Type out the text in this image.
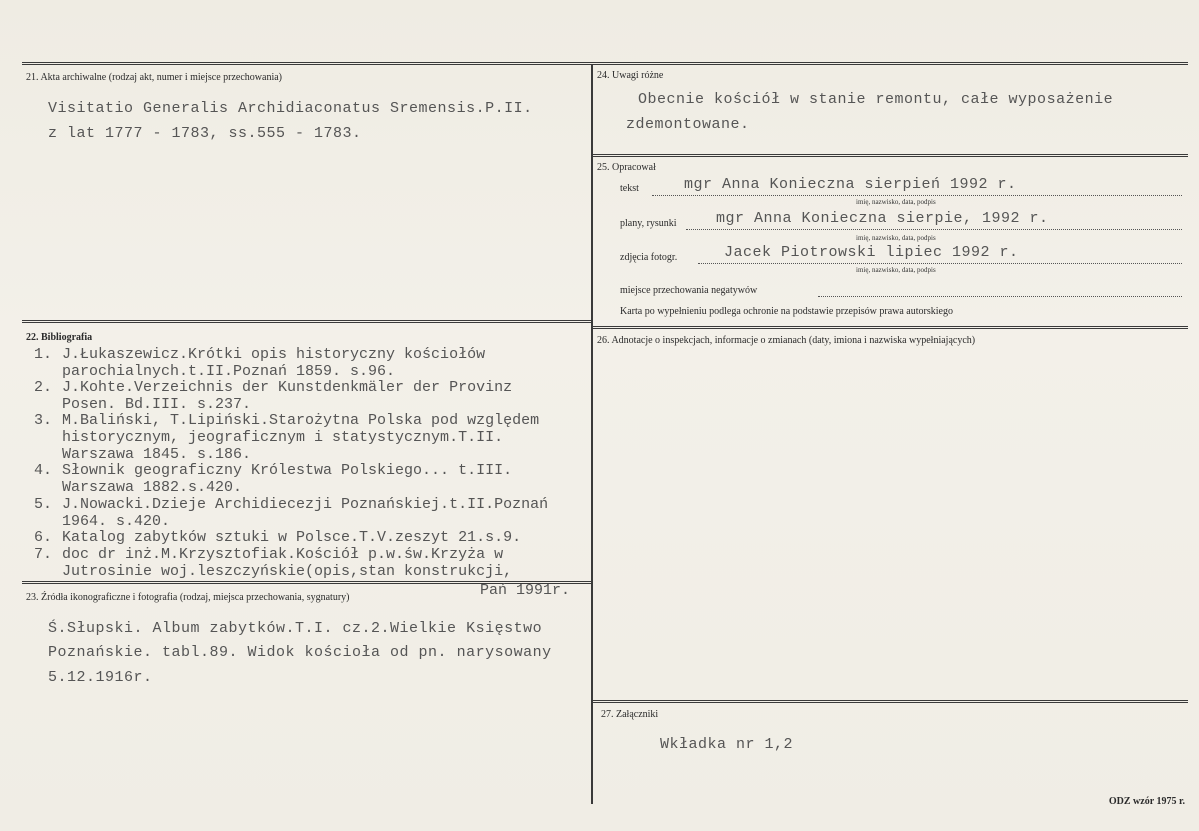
21. Akta archiwalne (rodzaj akt, numer i miejsce przechowania)
Visitatio Generalis Archidiaconatus Sremensis.P.II.
z lat 1777 - 1783, ss.555 - 1783.
24. Uwagi różne
Obecnie kościół w stanie remontu, całe wyposażenie
zdemontowane.
25. Opracował
tekst	mgr Anna Konieczna sierpień 1992 r.
imię, nazwisko, data, podpis
plany, rysunki	mgr Anna Konieczna sierpie, 1992 r.
imię, nazwisko, data, podpis
zdjęcia fotogr.	Jacek Piotrowski lipiec 1992 r.
imię, nazwisko, data, podpis
miejsce przechowania negatywów
Karta po wypełnieniu podlega ochronie na podstawie przepisów prawa autorskiego
22. Bibliografia
1. J.Łukaszewicz.Krótki opis historyczny kościołów
parochialnych.t.II.Poznań 1859. s.96.
2. J.Kohte.Verzeichnis der Kunstdenkmäler der Provinz
Posen. Bd.III. s.237.
3. M.Baliński, T.Lipiński.Starożytna Polska pod względem
historycznym, jeograficznym i statystycznym.T.II.
Warszawa 1845. s.186.
4. Słownik geograficzny Królestwa Polskiego... t.III.
Warszawa 1882.s.420.
5. J.Nowacki.Dzieje Archidiecezji Poznańskiej.t.II.Poznań
1964. s.420.
6. Katalog zabytków sztuki w Polsce.T.V.zeszyt 21.s.9.
7. doc dr inż.M.Krzysztofiak.Kościół p.w.św.Krzyża w
Jutrosinie woj.leszczyńskie(opis,stan konstrukcji,
Pań 1991r.
23. Źródła ikonograficzne i fotografia (rodzaj, miejsca przechowania, sygnatury)
Ś.Słupski. Album zabytków.T.I. cz.2.Wielkie Księstwo
Poznańskie. tabl.89. Widok kościoła od pn. narysowany
5.12.1916r.
26. Adnotacje o inspekcjach, informacje o zmianach (daty, imiona i nazwiska wypełniających)
27. Załączniki
Wkładka nr 1,2
ODZ wzór 1975 r.
